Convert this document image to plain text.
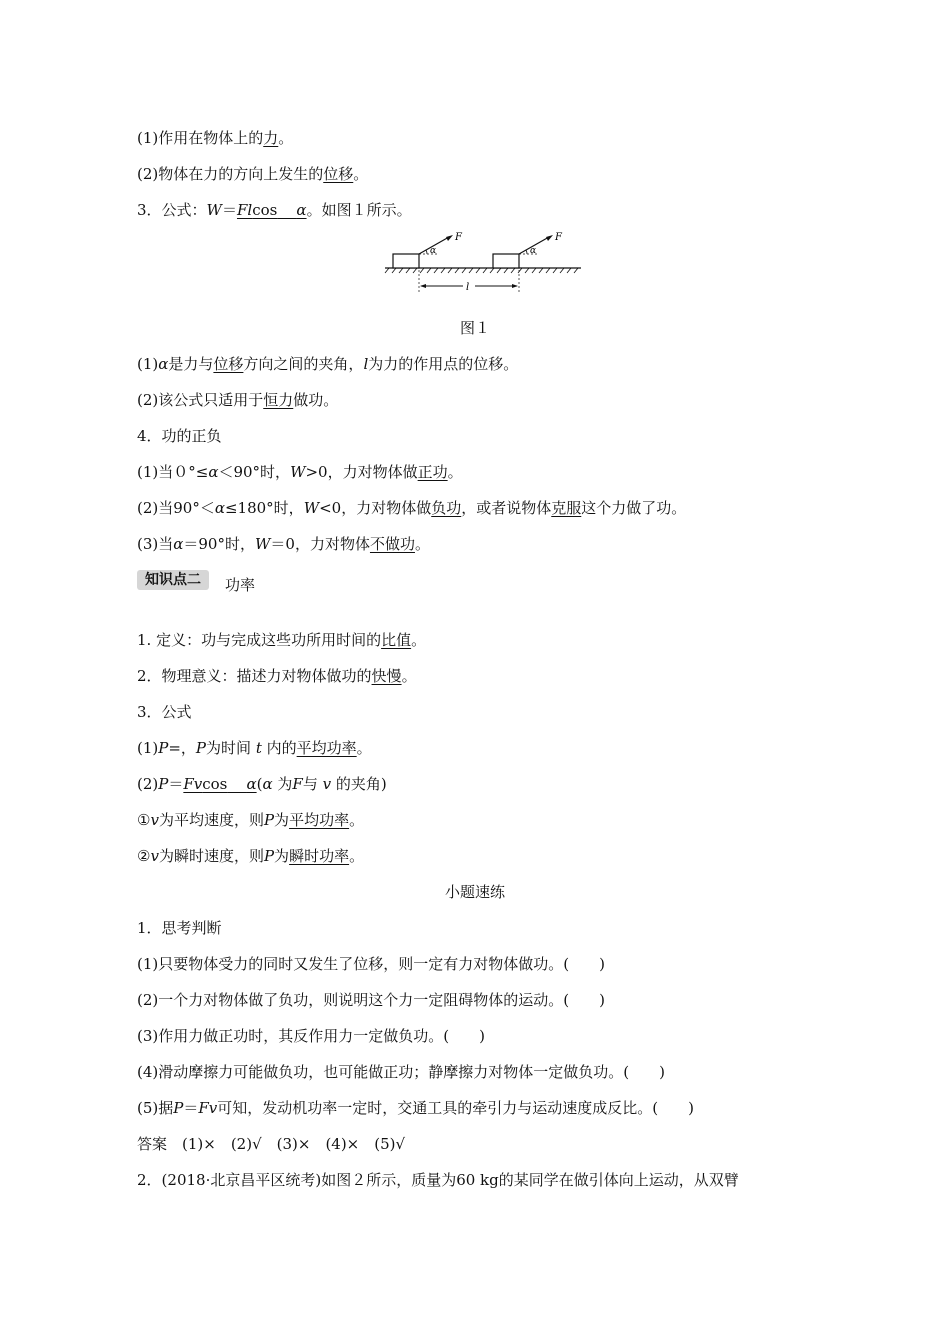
(1)作用在物体上的力。
(2)物体在力的方向上发生的位移。
3．公式：W＝Flcos α。如图１所示。
α
F
α
F
l
图１
(1)α是力与位移方向之间的夹角，l为力的作用点的位移。
(2)该公式只适用于恒力做功。
4．功的正负
(1)当０°≤α＜90°时，W>0，力对物体做正功。
(2)当90°＜α≤180°时，W<0，力对物体做负功，或者说物体克服这个力做了功。
(3)当α＝90°时，W＝0，力对物体不做功。
知识点二	功率
1. 定义：功与完成这些功所用时间的比值。
2．物理意义：描述力对物体做功的快慢。
3．公式
(1)P=，P为时间 t 内的平均功率。
(2)P＝Fvcos α(α 为F与 v 的夹角)
①v为平均速度，则P为平均功率。
②v为瞬时速度，则P为瞬时功率。
小题速练
1．思考判断
(1)只要物体受力的同时又发生了位移，则一定有力对物体做功。(　　)
(2)一个力对物体做了负功，则说明这个力一定阻碍物体的运动。(　　)
(3)作用力做正功时，其反作用力一定做负功。(　　)
(4)滑动摩擦力可能做负功，也可能做正功；静摩擦力对物体一定做负功。(　　)
(5)据P＝Fv可知，发动机功率一定时，交通工具的牵引力与运动速度成反比。(　　)
答案　(1)×　(2)√　(3)×　(4)×　(5)√
2．(2018·北京昌平区统考)如图２所示，质量为60 kg的某同学在做引体向上运动，从双臂
